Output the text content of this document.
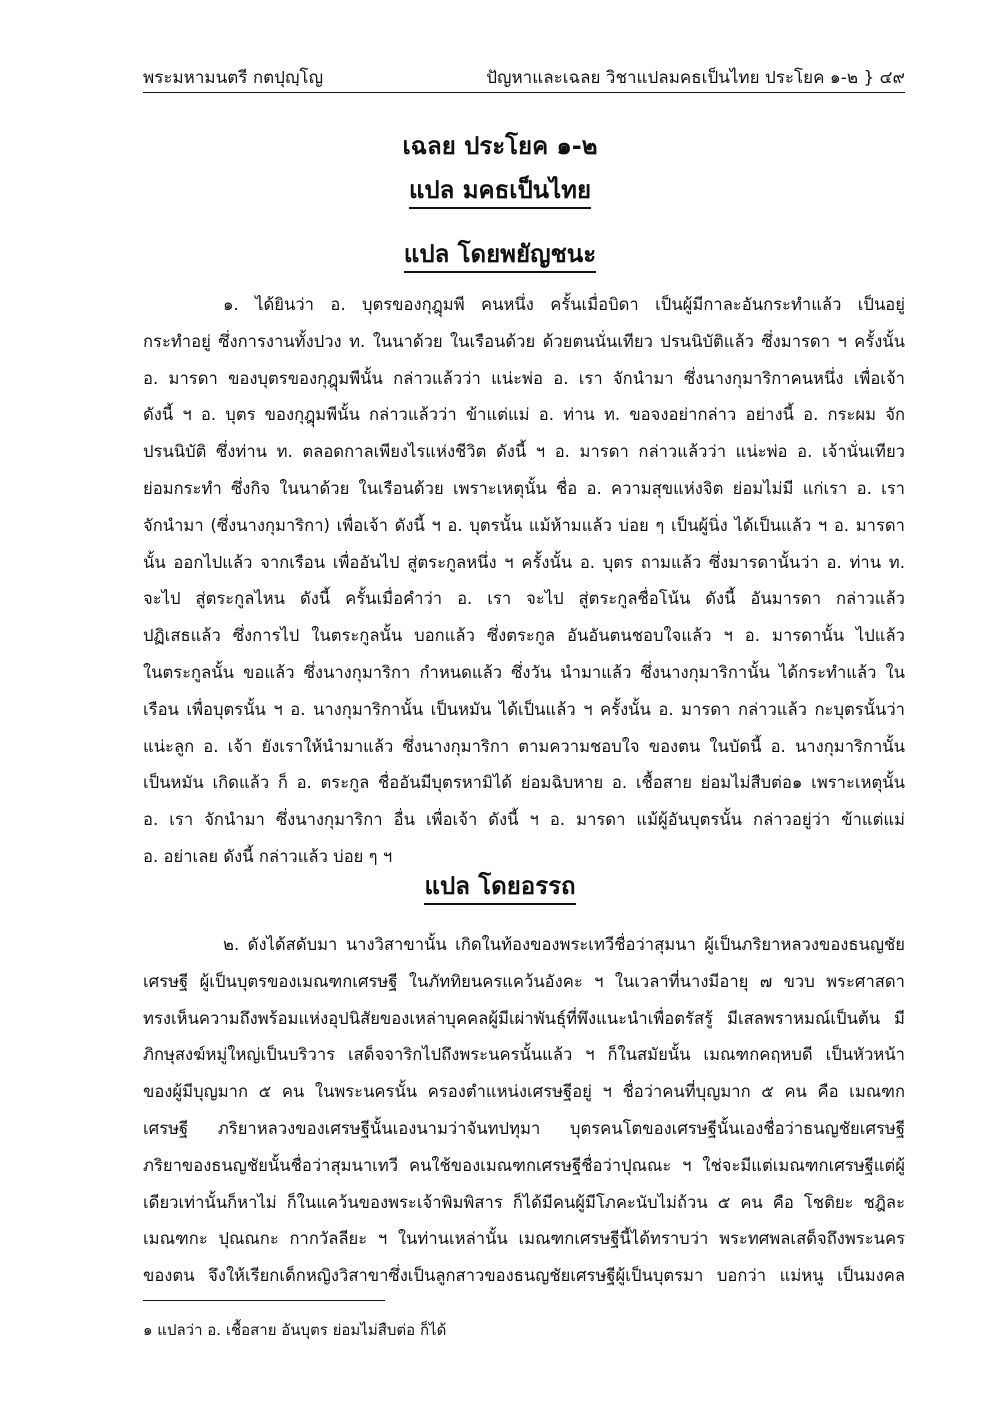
พระมหามนตรี กตปุญฺโญ	ปัญหาและเฉลย วิชาแปลมคธเป็นไทย ประโยค ๑-๒ } ๔๙
เฉลย ประโยค ๑-๒
แปล มคธเป็นไทย
แปล โดยพยัญชนะ
๑. ได้ยินว่า อ. บุตรของกุฎุมพี คนหนึ่ง ครั้นเมื่อบิดา เป็นผู้มีกาละอันกระทำแล้ว เป็นอยู่
กระทำอยู่ ซึ่งการงานทั้งปวง ท. ในนาด้วย ในเรือนด้วย ด้วยตนนั่นเทียว ปรนนิบัติแล้ว ซึ่งมารดา ฯ ครั้งนั้น
อ. มารดา ของบุตรของกุฎุมพีนั้น กล่าวแล้วว่า แน่ะพ่อ อ. เรา จักนำมา ซึ่งนางกุมาริกาคนหนึ่ง เพื่อเจ้า
ดังนี้ ฯ อ. บุตร ของกุฎุมพีนั้น กล่าวแล้วว่า ข้าแต่แม่ อ. ท่าน ท. ขอจงอย่ากล่าว อย่างนี้ อ. กระผม จัก
ปรนนิบัติ ซึ่งท่าน ท. ตลอดกาลเพียงไรแห่งชีวิต ดังนี้ ฯ อ. มารดา กล่าวแล้วว่า แน่ะพ่อ อ. เจ้านั่นเทียว
ย่อมกระทำ ซึ่งกิจ ในนาด้วย ในเรือนด้วย เพราะเหตุนั้น ชื่อ อ. ความสุขแห่งจิต ย่อมไม่มี แก่เรา อ. เรา
จักนำมา (ซึ่งนางกุมาริกา) เพื่อเจ้า ดังนี้ ฯ อ. บุตรนั้น แม้ห้ามแล้ว บ่อย ๆ เป็นผู้นิ่ง ได้เป็นแล้ว ฯ อ. มารดา
นั้น ออกไปแล้ว จากเรือน เพื่ออันไป สู่ตระกูลหนึ่ง ฯ ครั้งนั้น อ. บุตร ถามแล้ว ซึ่งมารดานั้นว่า อ. ท่าน ท.
จะไป สู่ตระกูลไหน ดังนี้ ครั้นเมื่อคำว่า อ. เรา จะไป สู่ตระกูลชื่อโน้น ดังนี้ อันมารดา กล่าวแล้ว
ปฏิเสธแล้ว ซึ่งการไป ในตระกูลนั้น บอกแล้ว ซึ่งตระกูล อันอันตนชอบใจแล้ว ฯ อ. มารดานั้น ไปแล้ว
ในตระกูลนั้น ขอแล้ว ซึ่งนางกุมาริกา กำหนดแล้ว ซึ่งวัน นำมาแล้ว ซึ่งนางกุมาริกานั้น ได้กระทำแล้ว ใน
เรือน เพื่อบุตรนั้น ฯ อ. นางกุมาริกานั้น เป็นหมัน ได้เป็นแล้ว ฯ ครั้งนั้น อ. มารดา กล่าวแล้ว กะบุตรนั้นว่า
แน่ะลูก อ. เจ้า ยังเราให้นำมาแล้ว ซึ่งนางกุมาริกา ตามความชอบใจ ของตน ในบัดนี้ อ. นางกุมาริกานั้น
เป็นหมัน เกิดแล้ว ก็ อ. ตระกูล ชื่ออันมีบุตรหามิได้ ย่อมฉิบหาย อ. เชื้อสาย ย่อมไม่สืบต่อ๑ เพราะเหตุนั้น
อ. เรา จักนำมา ซึ่งนางกุมาริกา อื่น เพื่อเจ้า ดังนี้ ฯ อ. มารดา แม้ผู้อันบุตรนั้น กล่าวอยู่ว่า ข้าแต่แม่
อ. อย่าเลย ดังนี้ กล่าวแล้ว บ่อย ๆ ฯ
แปล โดยอรรถ
๒. ดังได้สดับมา นางวิสาขานั้น เกิดในท้องของพระเทวีชื่อว่าสุมนา ผู้เป็นภริยาหลวงของธนญชัย
เศรษฐี ผู้เป็นบุตรของเมณฑกเศรษฐี ในภัททิยนครแคว้นอังคะ ฯ ในเวลาที่นางมีอายุ ๗ ขวบ พระศาสดา
ทรงเห็นความถึงพร้อมแห่งอุปนิสัยของเหล่าบุคคลผู้มีเผ่าพันธุ์ที่พึงแนะนำเพื่อตรัสรู้ มีเสลพราหมณ์เป็นต้น มี
ภิกษุสงฆ์หมู่ใหญ่เป็นบริวาร เสด็จจาริกไปถึงพระนครนั้นแล้ว ฯ ก็ในสมัยนั้น เมณฑกคฤหบดี เป็นหัวหน้า
ของผู้มีบุญมาก ๕ คน ในพระนครนั้น ครองตำแหน่งเศรษฐีอยู่ ฯ ชื่อว่าคนที่บุญมาก ๕ คน คือ เมณฑก
เศรษฐี ภริยาหลวงของเศรษฐีนั้นเองนามว่าจันทปทุมา บุตรคนโตของเศรษฐีนั้นเองชื่อว่าธนญชัยเศรษฐี
ภริยาของธนญชัยนั้นชื่อว่าสุมนาเทวี คนใช้ของเมณฑกเศรษฐีชื่อว่าปุณณะ ฯ ใช่จะมีแต่เมณฑกเศรษฐีแต่ผู้
เดียวเท่านั้นก็หาไม่ ก็ในแคว้นของพระเจ้าพิมพิสาร ก็ได้มีคนผู้มีโภคะนับไม่ถ้วน ๕ คน คือ โชติยะ ชฎิละ
เมณฑกะ ปุณณกะ กากวัลลียะ ฯ ในท่านเหล่านั้น เมณฑกเศรษฐีนี้ได้ทราบว่า พระทศพลเสด็จถึงพระนคร
ของตน จึงให้เรียกเด็กหญิงวิสาขาซึ่งเป็นลูกสาวของธนญชัยเศรษฐีผู้เป็นบุตรมา บอกว่า แม่หนู เป็นมงคล
๑ แปลว่า อ. เชื้อสาย อันบุตร ย่อมไม่สืบต่อ ก็ได้
